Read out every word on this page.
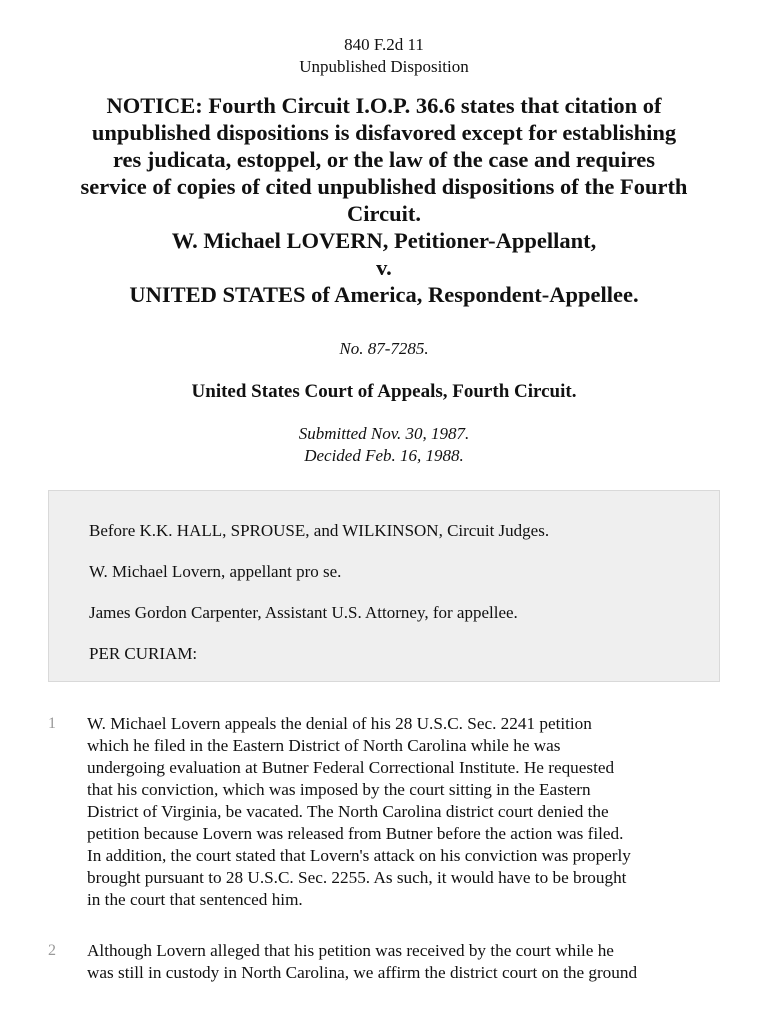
840 F.2d 11
Unpublished Disposition
NOTICE: Fourth Circuit I.O.P. 36.6 states that citation of
unpublished dispositions is disfavored except for establishing
res judicata, estoppel, or the law of the case and requires
service of copies of cited unpublished dispositions of the Fourth
Circuit.
W. Michael LOVERN, Petitioner-Appellant,
v.
UNITED STATES of America, Respondent-Appellee.
No. 87-7285.
United States Court of Appeals, Fourth Circuit.
Submitted Nov. 30, 1987.
Decided Feb. 16, 1988.
Before K.K. HALL, SPROUSE, and WILKINSON, Circuit Judges.
W. Michael Lovern, appellant pro se.
James Gordon Carpenter, Assistant U.S. Attorney, for appellee.
PER CURIAM:
1 W. Michael Lovern appeals the denial of his 28 U.S.C. Sec. 2241 petition
which he filed in the Eastern District of North Carolina while he was
undergoing evaluation at Butner Federal Correctional Institute. He requested
that his conviction, which was imposed by the court sitting in the Eastern
District of Virginia, be vacated. The North Carolina district court denied the
petition because Lovern was released from Butner before the action was filed.
In addition, the court stated that Lovern's attack on his conviction was properly
brought pursuant to 28 U.S.C. Sec. 2255. As such, it would have to be brought
in the court that sentenced him.
2 Although Lovern alleged that his petition was received by the court while he
was still in custody in North Carolina, we affirm the district court on the ground
